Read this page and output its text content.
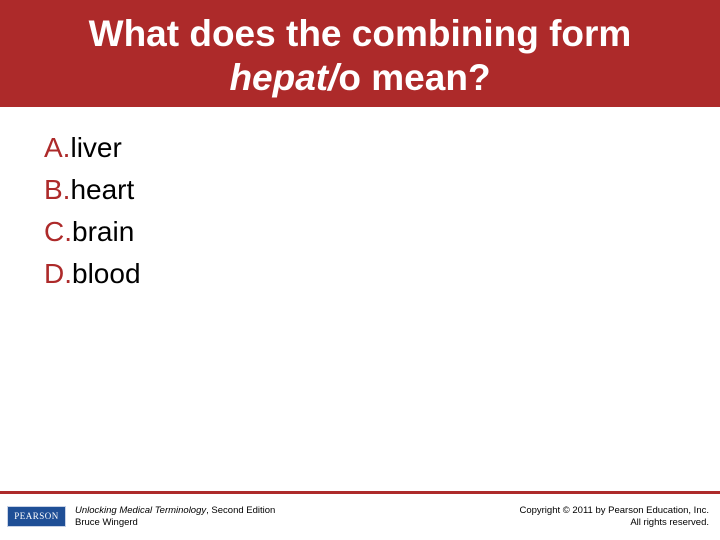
What does the combining form
hepat/o mean?
A.liver
B.heart
C.brain
D.blood
PEARSON	Unlocking Medical Terminology, Second Edition
Bruce Wingerd
Copyright © 2011 by Pearson Education, Inc.
All rights reserved.
